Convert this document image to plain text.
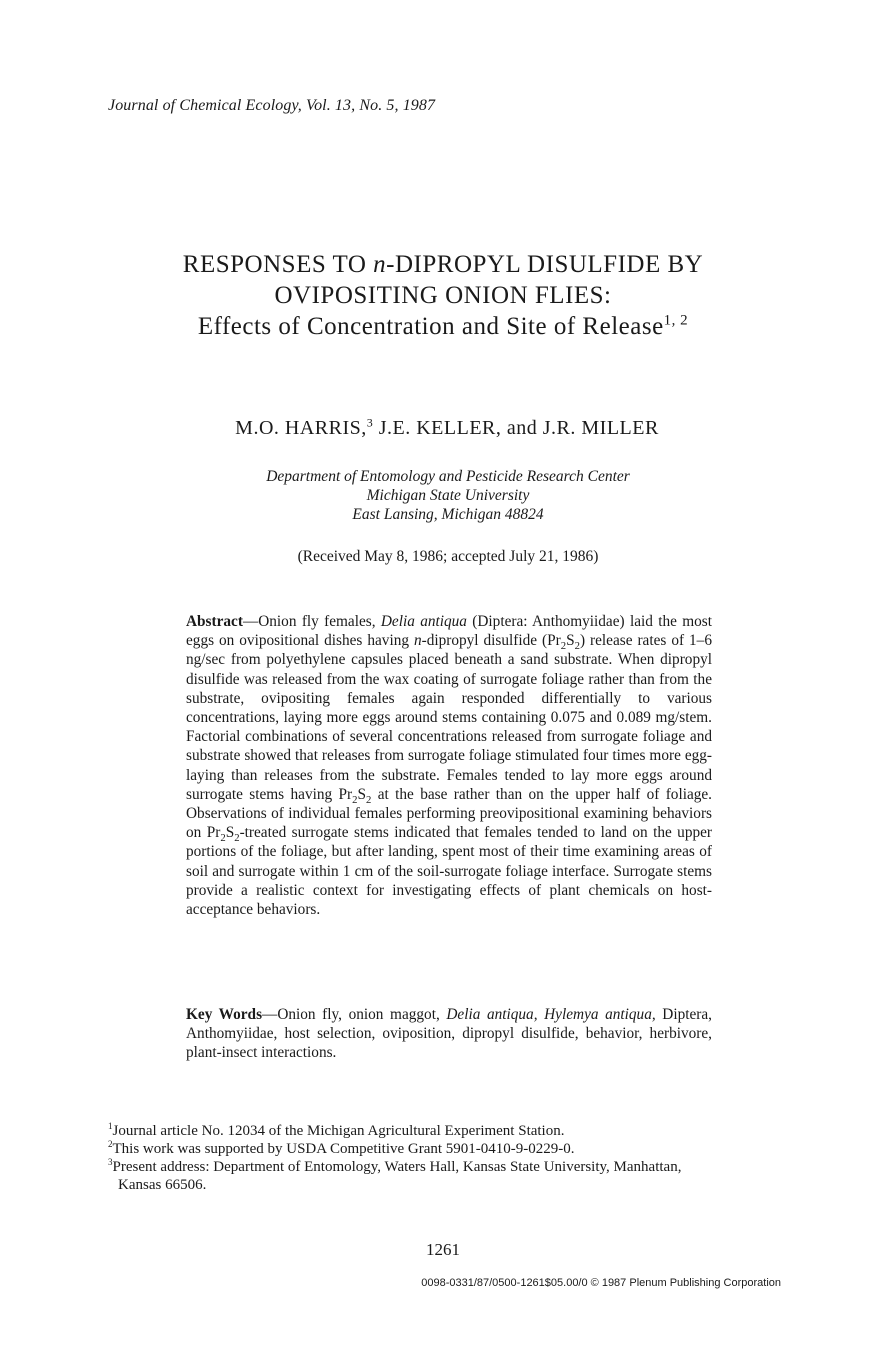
Journal of Chemical Ecology, Vol. 13, No. 5, 1987
RESPONSES TO n-DIPROPYL DISULFIDE BY
OVIPOSITING ONION FLIES:
Effects of Concentration and Site of Release$^{1, 2}$
M.O. HARRIS,$^3$ J.E. KELLER, and J.R. MILLER
Department of Entomology and Pesticide Research Center
Michigan State University
East Lansing, Michigan 48824
(Received May 8, 1986; accepted July 21, 1986)

Abstract—Onion fly females, Delia antiqua (Diptera: Anthomyiidae) laid the most eggs on ovipositional dishes having n-dipropyl disulfide $(Pr_2S_2)$ release rates of 1–6 ng/sec from polyethylene capsules placed beneath a sand substrate. When dipropyl disulfide was released from the wax coating of surrogate foliage rather than from the substrate, ovipositing females again responded differentially to various concentrations, laying more eggs around stems containing 0.075 and 0.089 mg/stem. Factorial combinations of several concentrations released from surrogate foliage and substrate showed that releases from surrogate foliage stimulated four times more egg-laying than releases from the substrate. Females tended to lay more eggs around surrogate stems having $Pr_2S_2$ at the base rather than on the upper half of foliage. Observations of individual females performing preovipositional examining behaviors on $Pr_2S_2$-treated surrogate stems indicated that females tended to land on the upper portions of the foliage, but after landing, spent most of their time examining areas of soil and surrogate within 1 cm of the soil-surrogate foliage interface. Surrogate stems provide a realistic context for investigating effects of plant chemicals on host-acceptance behaviors.

Key Words—Onion fly, onion maggot, Delia antiqua, Hylemya antiqua, Diptera, Anthomyiidae, host selection, oviposition, dipropyl disulfide, behavior, herbivore, plant-insect interactions.

$^1$Journal article No. 12034 of the Michigan Agricultural Experiment Station.
$^2$This work was supported by USDA Competitive Grant 5901-0410-9-0229-0.
$^3$Present address: Department of Entomology, Waters Hall, Kansas State University, Manhattan,
Kansas 66506.
1261
0098-0331/87/0500-1261$05.00/0 © 1987 Plenum Publishing Corporation
